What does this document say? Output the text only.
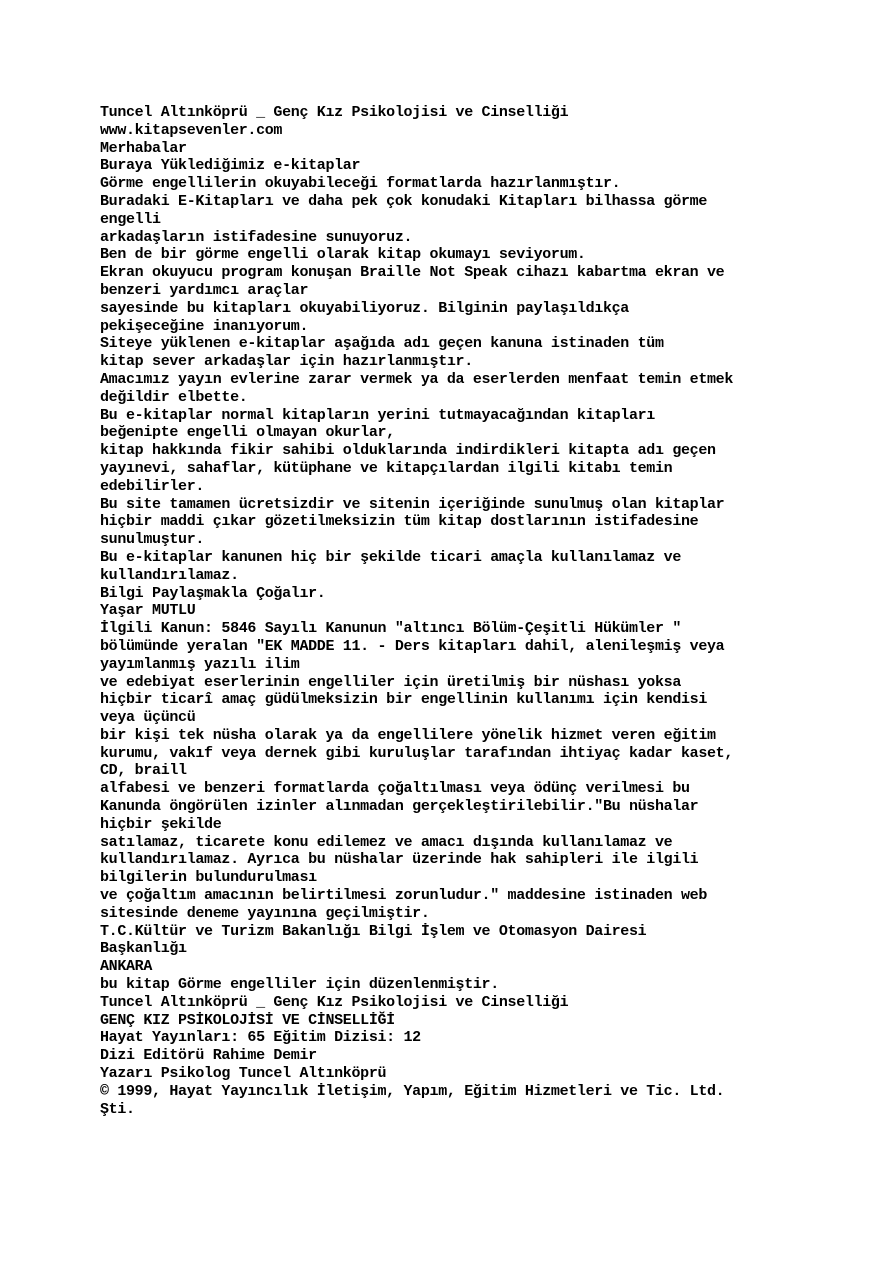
Tuncel Altınköprü _ Genç Kız Psikolojisi ve Cinselliği
www.kitapsevenler.com
Merhabalar
Buraya Yüklediğimiz e-kitaplar
Görme engellilerin okuyabileceği formatlarda hazırlanmıştır.
Buradaki E-Kitapları ve daha pek çok konudaki Kitapları bilhassa görme
engelli
arkadaşların istifadesine sunuyoruz.
Ben de bir görme engelli olarak kitap okumayı seviyorum.
Ekran okuyucu program konuşan Braille Not Speak cihazı kabartma ekran ve
benzeri yardımcı araçlar
sayesinde bu kitapları okuyabiliyoruz. Bilginin paylaşıldıkça
pekişeceğine inanıyorum.
Siteye yüklenen e-kitaplar aşağıda adı geçen kanuna istinaden tüm
kitap sever arkadaşlar için hazırlanmıştır.
Amacımız yayın evlerine zarar vermek ya da eserlerden menfaat temin etmek
değildir elbette.
Bu e-kitaplar normal kitapların yerini tutmayacağından kitapları
beğenipte engelli olmayan okurlar,
kitap hakkında fikir sahibi olduklarında indirdikleri kitapta adı geçen
yayınevi, sahaflar, kütüphane ve kitapçılardan ilgili kitabı temin
edebilirler.
Bu site tamamen ücretsizdir ve sitenin içeriğinde sunulmuş olan kitaplar
hiçbir maddi çıkar gözetilmeksizin tüm kitap dostlarının istifadesine
sunulmuştur.
Bu e-kitaplar kanunen hiç bir şekilde ticari amaçla kullanılamaz ve
kullandırılamaz.
Bilgi Paylaşmakla Çoğalır.
Yaşar MUTLU
İlgili Kanun: 5846 Sayılı Kanunun "altıncı Bölüm-Çeşitli Hükümler "
bölümünde yeralan "EK MADDE 11. - Ders kitapları dahil, alenileşmiş veya
yayımlanmış yazılı ilim
ve edebiyat eserlerinin engelliler için üretilmiş bir nüshası yoksa
hiçbir ticarî amaç güdülmeksizin bir engellinin kullanımı için kendisi
veya üçüncü
bir kişi tek nüsha olarak ya da engellilere yönelik hizmet veren eğitim
kurumu, vakıf veya dernek gibi kuruluşlar tarafından ihtiyaç kadar kaset,
CD, braill
alfabesi ve benzeri formatlarda çoğaltılması veya ödünç verilmesi bu
Kanunda öngörülen izinler alınmadan gerçekleştirilebilir."Bu nüshalar
hiçbir şekilde
satılamaz, ticarete konu edilemez ve amacı dışında kullanılamaz ve
kullandırılamaz. Ayrıca bu nüshalar üzerinde hak sahipleri ile ilgili
bilgilerin bulundurulması
ve çoğaltım amacının belirtilmesi zorunludur." maddesine istinaden web
sitesinde deneme yayınına geçilmiştir.
T.C.Kültür ve Turizm Bakanlığı Bilgi İşlem ve Otomasyon Dairesi
Başkanlığı
ANKARA
bu kitap Görme engelliler için düzenlenmiştir.
Tuncel Altınköprü _ Genç Kız Psikolojisi ve Cinselliği
GENÇ KIZ PSİKOLOJİSİ VE CİNSELLİĞİ
Hayat Yayınları: 65 Eğitim Dizisi: 12
Dizi Editörü Rahime Demir
Yazarı Psikolog Tuncel Altınköprü
© 1999, Hayat Yayıncılık İletişim, Yapım, Eğitim Hizmetleri ve Tic. Ltd.
Şti.
